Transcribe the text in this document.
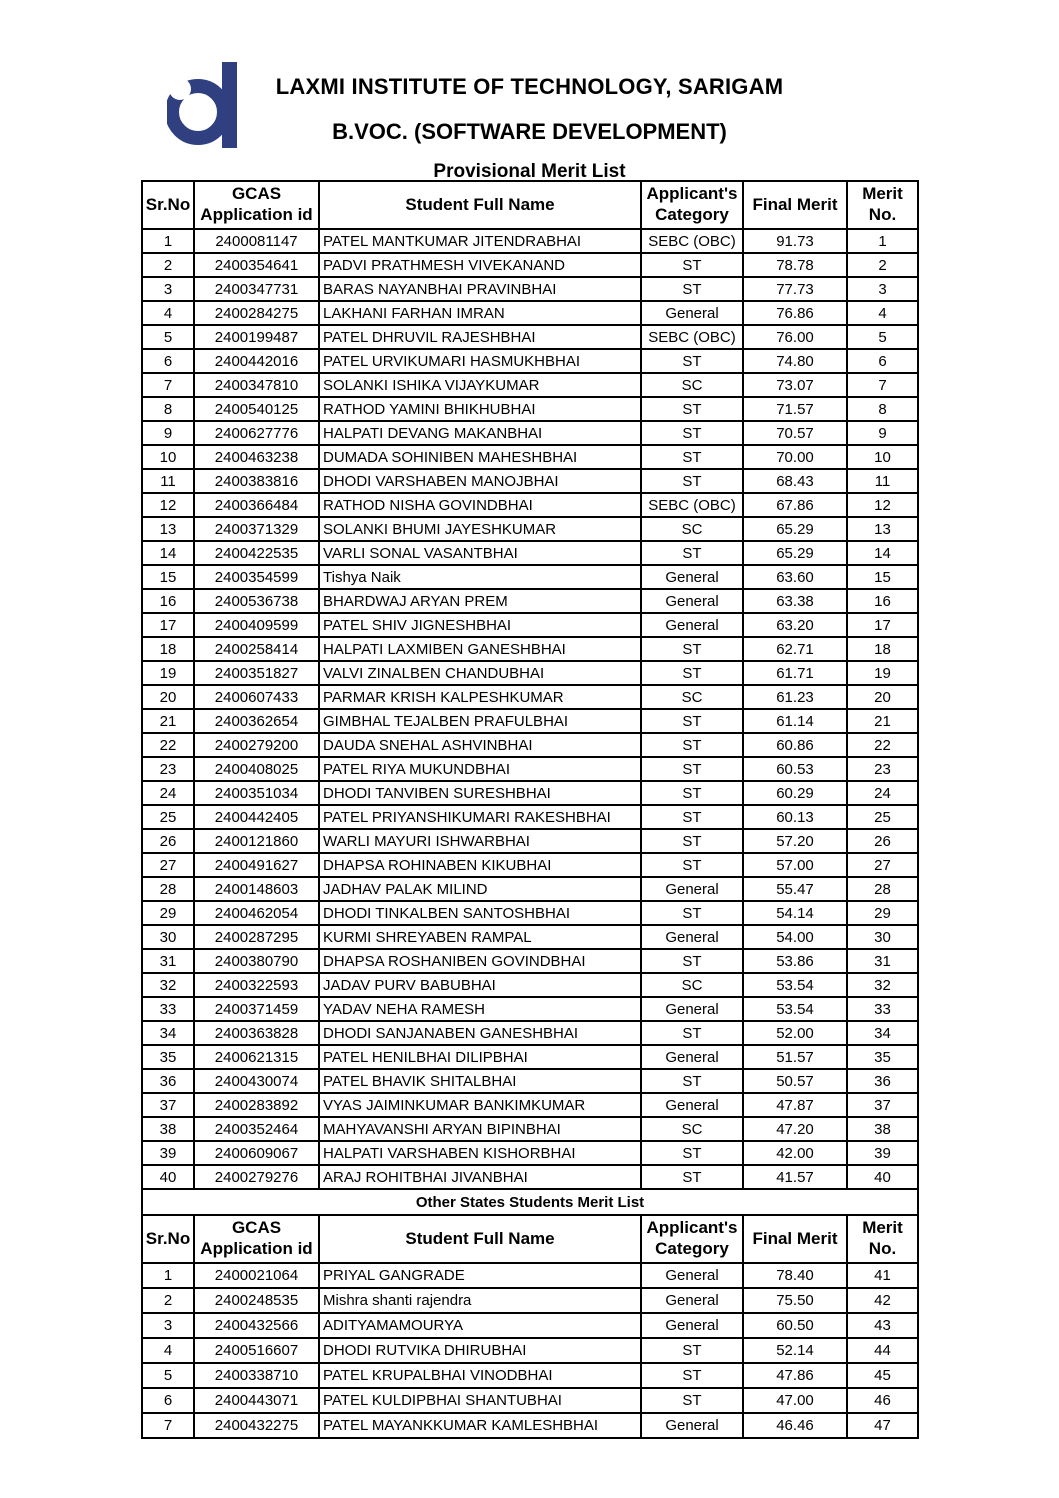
LAXMI INSTITUTE OF TECHNOLOGY, SARIGAM
B.VOC. (SOFTWARE DEVELOPMENT)
Provisional Merit List
Sr.No	GCAS Application id	Student Full Name	Applicant's Category	Final Merit	Merit No.
1	2400081147	PATEL MANTKUMAR JITENDRABHAI	SEBC (OBC)	91.73	1
2	2400354641	PADVI PRATHMESH VIVEKANAND	ST	78.78	2
3	2400347731	BARAS NAYANBHAI PRAVINBHAI	ST	77.73	3
4	2400284275	LAKHANI FARHAN IMRAN	General	76.86	4
5	2400199487	PATEL DHRUVIL RAJESHBHAI	SEBC (OBC)	76.00	5
6	2400442016	PATEL URVIKUMARI HASMUKHBHAI	ST	74.80	6
7	2400347810	SOLANKI ISHIKA VIJAYKUMAR	SC	73.07	7
8	2400540125	RATHOD YAMINI BHIKHUBHAI	ST	71.57	8
9	2400627776	HALPATI DEVANG MAKANBHAI	ST	70.57	9
10	2400463238	DUMADA SOHINIBEN MAHESHBHAI	ST	70.00	10
11	2400383816	DHODI VARSHABEN MANOJBHAI	ST	68.43	11
12	2400366484	RATHOD NISHA GOVINDBHAI	SEBC (OBC)	67.86	12
13	2400371329	SOLANKI BHUMI JAYESHKUMAR	SC	65.29	13
14	2400422535	VARLI SONAL VASANTBHAI	ST	65.29	14
15	2400354599	Tishya Naik	General	63.60	15
16	2400536738	BHARDWAJ ARYAN PREM	General	63.38	16
17	2400409599	PATEL SHIV JIGNESHBHAI	General	63.20	17
18	2400258414	HALPATI LAXMIBEN GANESHBHAI	ST	62.71	18
19	2400351827	VALVI ZINALBEN CHANDUBHAI	ST	61.71	19
20	2400607433	PARMAR KRISH KALPESHKUMAR	SC	61.23	20
21	2400362654	GIMBHAL TEJALBEN PRAFULBHAI	ST	61.14	21
22	2400279200	DAUDA SNEHAL ASHVINBHAI	ST	60.86	22
23	2400408025	PATEL RIYA MUKUNDBHAI	ST	60.53	23
24	2400351034	DHODI TANVIBEN SURESHBHAI	ST	60.29	24
25	2400442405	PATEL PRIYANSHIKUMARI RAKESHBHAI	ST	60.13	25
26	2400121860	WARLI MAYURI ISHWARBHAI	ST	57.20	26
27	2400491627	DHAPSA ROHINABEN KIKUBHAI	ST	57.00	27
28	2400148603	JADHAV PALAK MILIND	General	55.47	28
29	2400462054	DHODI TINKALBEN SANTOSHBHAI	ST	54.14	29
30	2400287295	KURMI SHREYABEN RAMPAL	General	54.00	30
31	2400380790	DHAPSA ROSHANIBEN GOVINDBHAI	ST	53.86	31
32	2400322593	JADAV PURV BABUBHAI	SC	53.54	32
33	2400371459	YADAV NEHA RAMESH	General	53.54	33
34	2400363828	DHODI SANJANABEN GANESHBHAI	ST	52.00	34
35	2400621315	PATEL HENILBHAI DILIPBHAI	General	51.57	35
36	2400430074	PATEL BHAVIK SHITALBHAI	ST	50.57	36
37	2400283892	VYAS JAIMINKUMAR BANKIMKUMAR	General	47.87	37
38	2400352464	MAHYAVANSHI ARYAN BIPINBHAI	SC	47.20	38
39	2400609067	HALPATI VARSHABEN KISHORBHAI	ST	42.00	39
40	2400279276	ARAJ ROHITBHAI JIVANBHAI	ST	41.57	40
Other States Students Merit List					
Sr.No	GCAS Application id	Student Full Name	Applicant's Category	Final Merit	Merit No.
1	2400021064	PRIYAL GANGRADE	General	78.40	41
2	2400248535	Mishra shanti rajendra	General	75.50	42
3	2400432566	ADITYAMAMOURYA	General	60.50	43
4	2400516607	DHODI RUTVIKA DHIRUBHAI	ST	52.14	44
5	2400338710	PATEL KRUPALBHAI VINODBHAI	ST	47.86	45
6	2400443071	PATEL KULDIPBHAI SHANTUBHAI	ST	47.00	46
7	2400432275	PATEL MAYANKKUMAR KAMLESHBHAI	General	46.46	47
